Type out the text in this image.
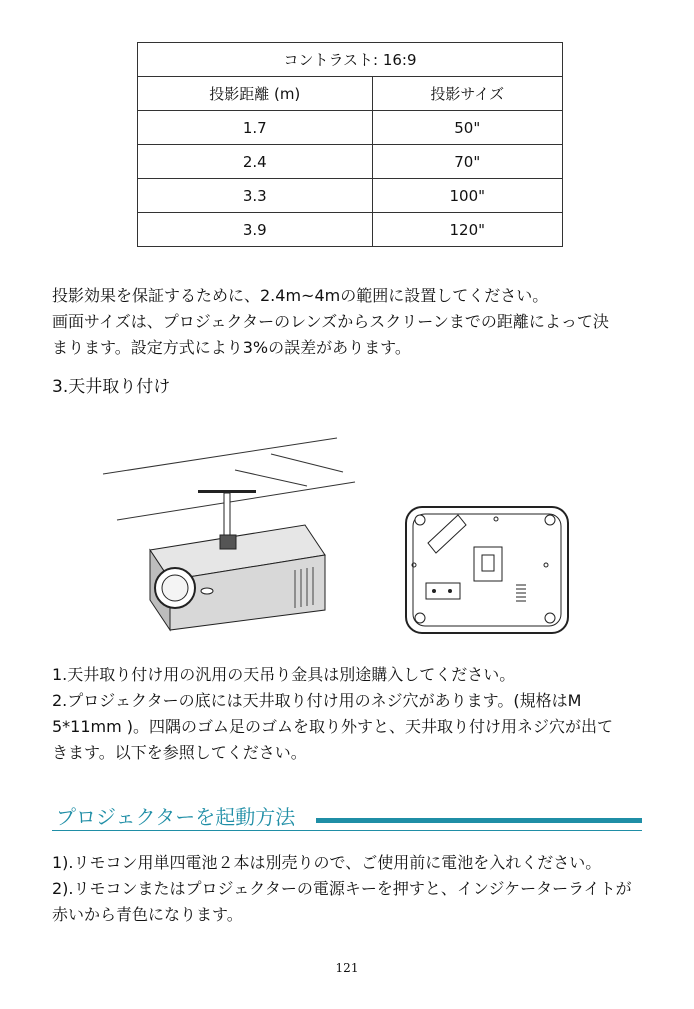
コントラスト: 16:9	
投影距離 (m)	投影サイズ
1.7	50"
2.4	70"
3.3	100"
3.9	120"
投影効果を保証するために、2.4m~4mの範囲に設置してください。
画面サイズは、プロジェクターのレンズからスクリーンまでの距離によって決
まります。設定方式により3%の誤差があります。
3.天井取り付け
1.天井取り付け用の汎用の天吊り金具は別途購入してください。
2.プロジェクターの底には天井取り付け用のネジ穴があります。(規格はM
5*11mm )。四隅のゴム足のゴムを取り外すと、天井取り付け用ネジ穴が出て
きます。以下を参照してください。
プロジェクターを起動方法
1).リモコン用単四電池２本は別売りので、ご使用前に電池を入れください。
2).リモコンまたはプロジェクターの電源キーを押すと、インジケーターライトが
赤いから青色になります。
121
